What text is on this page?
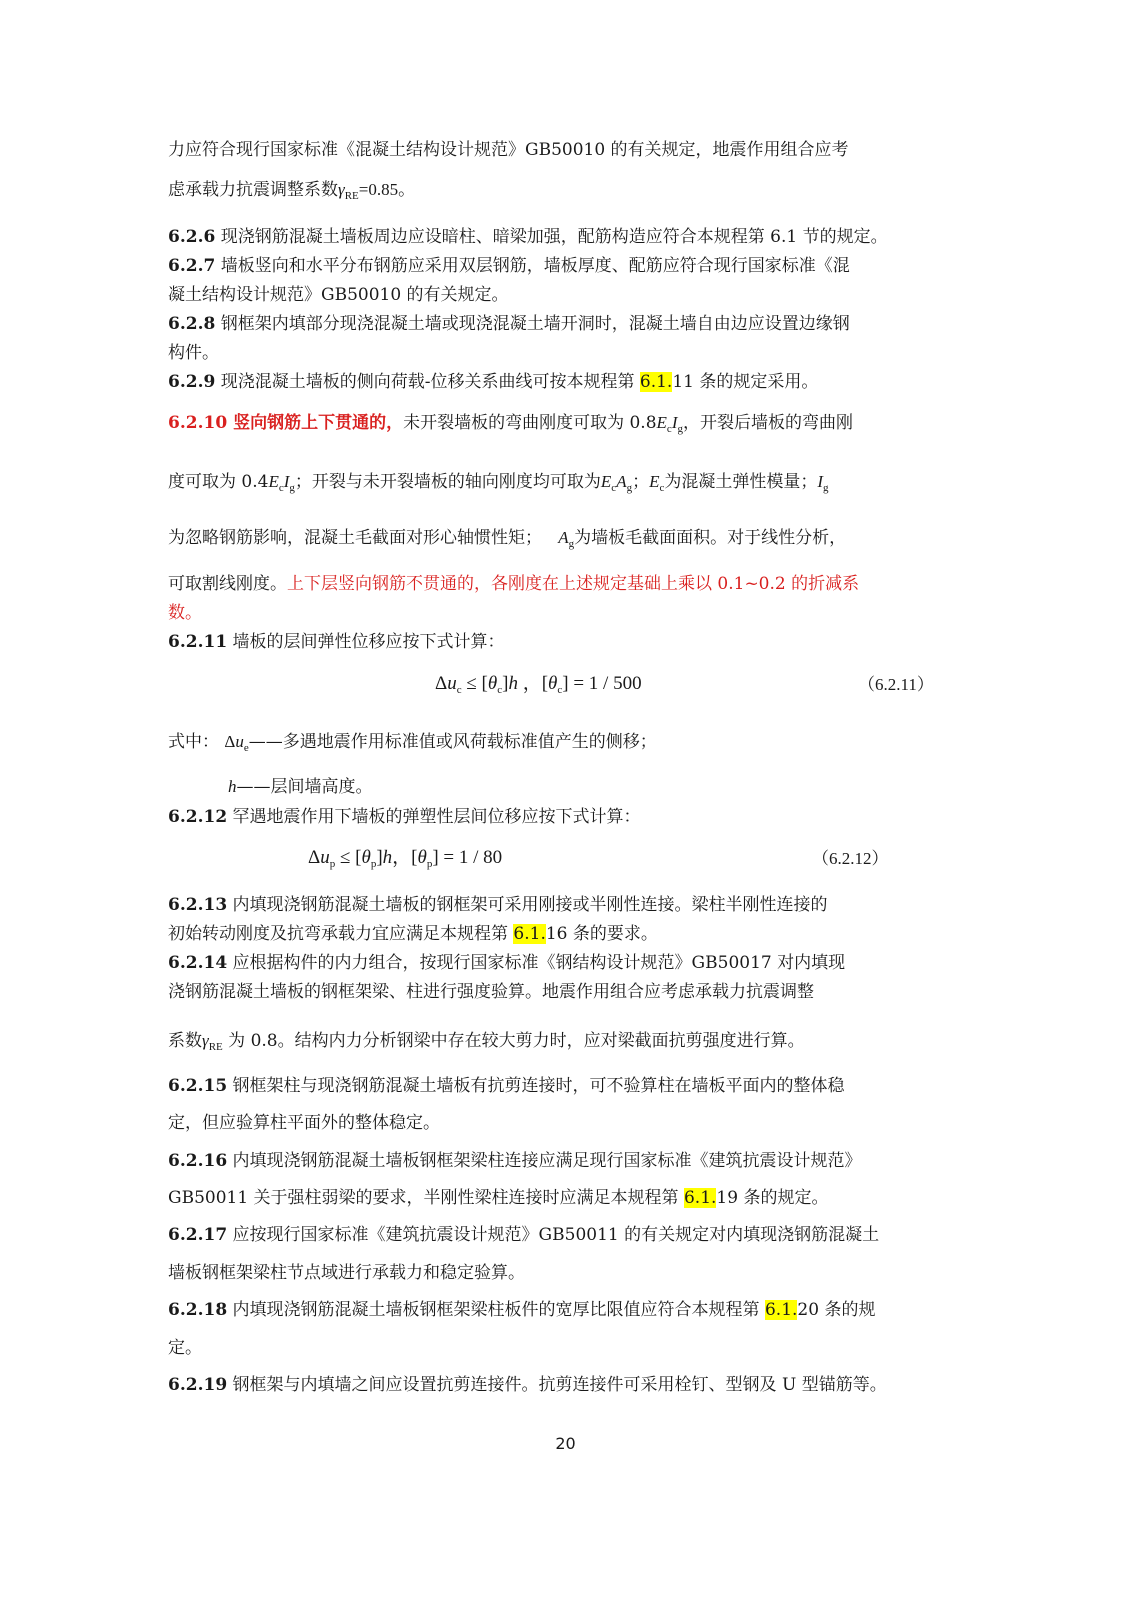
力应符合现行国家标准《混凝土结构设计规范》GB50010 的有关规定，地震作用组合应考
虑承载力抗震调整系数$\gamma_{RE}=0.85$。
6.2.6 现浇钢筋混凝土墙板周边应设暗柱、暗梁加强，配筋构造应符合本规程第 6.1 节的规定。
6.2.7 墙板竖向和水平分布钢筋应采用双层钢筋，墙板厚度、配筋应符合现行国家标准《混
凝土结构设计规范》GB50010 的有关规定。
6.2.8 钢框架内填部分现浇混凝土墙或现浇混凝土墙开洞时，混凝土墙自由边应设置边缘钢
构件。
6.2.9 现浇混凝土墙板的侧向荷载-位移关系曲线可按本规程第 6.1.11 条的规定采用。
6.2.10 竖向钢筋上下贯通的，未开裂墙板的弯曲刚度可取为 $0.8E_cI_g$，开裂后墙板的弯曲刚
度可取为 $0.4E_cI_g$；开裂与未开裂墙板的轴向刚度均可取为$E_cA_g$；$E_c$为混凝土弹性模量；$I_g$
为忽略钢筋影响，混凝土毛截面对形心轴惯性矩； $A_g$为墙板毛截面面积。对于线性分析，
可取割线刚度。上下层竖向钢筋不贯通的，各刚度在上述规定基础上乘以 0.1~0.2 的折减系
数。
6.2.11 墙板的层间弹性位移应按下式计算：
$\Delta u_c \le [\theta_c]h$ ，$[\theta_c] = 1 / 500$	（6.2.11）
式中： $\Delta u_e——$多遇地震作用标准值或风荷载标准值产生的侧移；
h——层间墙高度。
6.2.12 罕遇地震作用下墙板的弹塑性层间位移应按下式计算：
$\Delta u_p \le [\theta_p]h$，$[\theta_p] = 1 / 80$	（6.2.12）
6.2.13 内填现浇钢筋混凝土墙板的钢框架可采用刚接或半刚性连接。梁柱半刚性连接的
初始转动刚度及抗弯承载力宜应满足本规程第 6.1.16 条的要求。
6.2.14 应根据构件的内力组合，按现行国家标准《钢结构设计规范》GB50017 对内填现
浇钢筋混凝土墙板的钢框架梁、柱进行强度验算。地震作用组合应考虑承载力抗震调整
系数$\gamma_{RE}$ 为 0.8。结构内力分析钢梁中存在较大剪力时，应对梁截面抗剪强度进行算。
6.2.15 钢框架柱与现浇钢筋混凝土墙板有抗剪连接时，可不验算柱在墙板平面内的整体稳
定，但应验算柱平面外的整体稳定。
6.2.16 内填现浇钢筋混凝土墙板钢框架梁柱连接应满足现行国家标准《建筑抗震设计规范》
GB50011 关于强柱弱梁的要求，半刚性梁柱连接时应满足本规程第 6.1.19 条的规定。
6.2.17 应按现行国家标准《建筑抗震设计规范》GB50011 的有关规定对内填现浇钢筋混凝土
墙板钢框架梁柱节点域进行承载力和稳定验算。
6.2.18 内填现浇钢筋混凝土墙板钢框架梁柱板件的宽厚比限值应符合本规程第 6.1.20 条的规
定。
6.2.19 钢框架与内填墙之间应设置抗剪连接件。抗剪连接件可采用栓钉、型钢及 U 型锚筋等。
20
